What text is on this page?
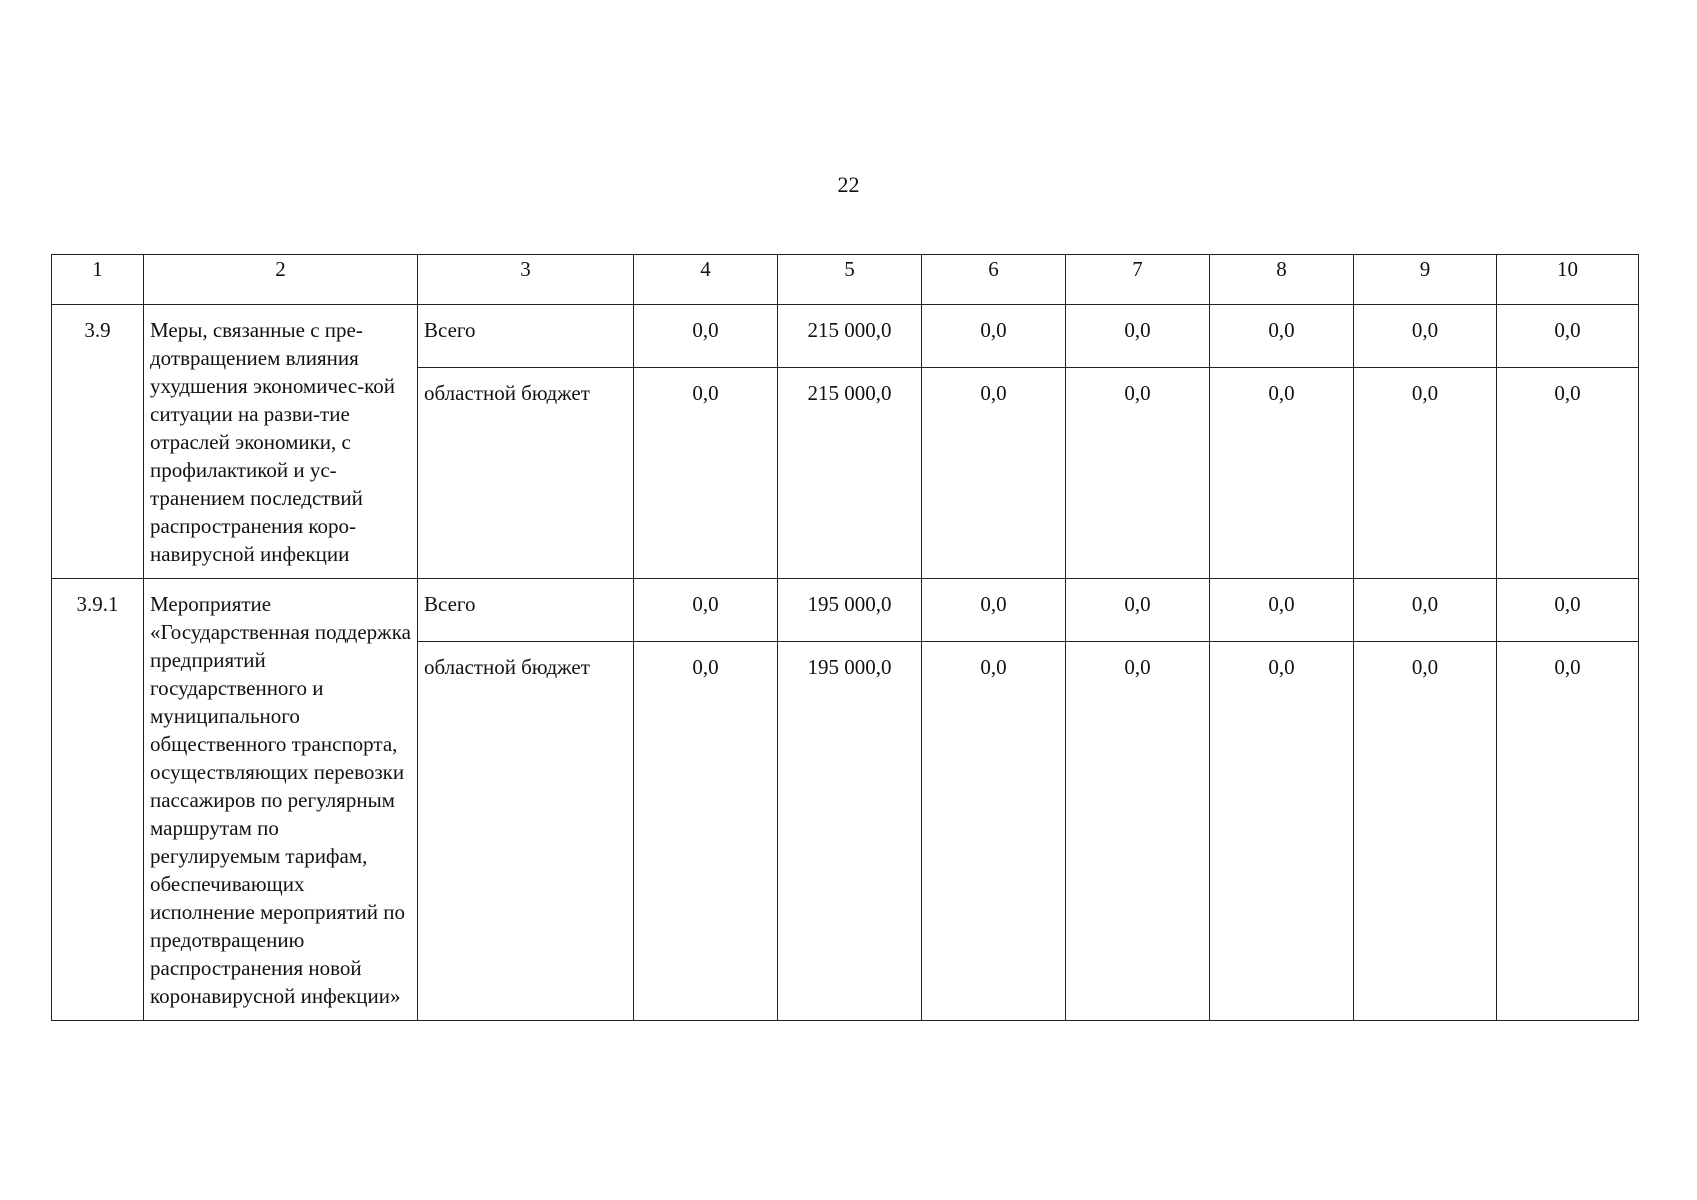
22
1	2	3	4	5	6	7	8	9	10
3.9	Меры, связанные с пре-дотвращением влияния ухудшения экономичес-кой ситуации на разви-тие отраслей экономики, с профилактикой и ус-транением последствий распространения коро-навирусной инфекции	Всего	0,0	215 000,0	0,0	0,0	0,0	0,0	0,0
		областной бюджет	0,0	215 000,0	0,0	0,0	0,0	0,0	0,0
3.9.1	Мероприятие «Государственная поддержка предприятий государственного и муниципального общественного транспорта, осуществляющих перевозки пассажиров по регулярным маршрутам по регулируемым тарифам, обеспечивающих исполнение мероприятий по предотвращению распространения новой коронавирусной инфекции»	Всего	0,0	195 000,0	0,0	0,0	0,0	0,0	0,0
		областной бюджет	0,0	195 000,0	0,0	0,0	0,0	0,0	0,0
